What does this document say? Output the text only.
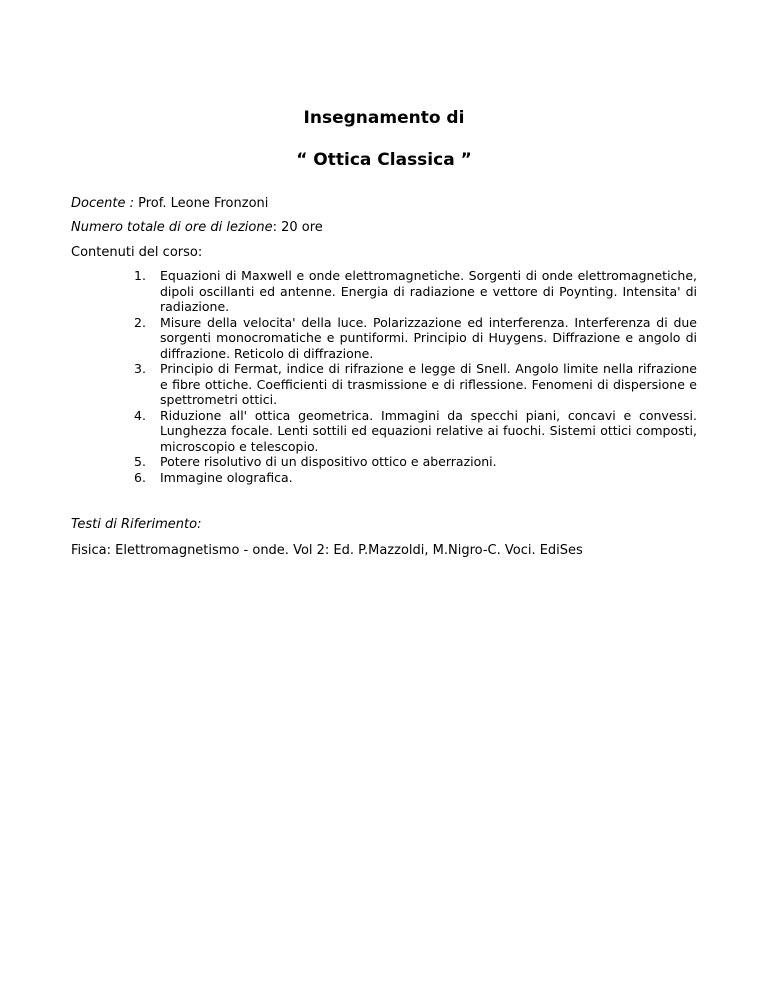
Insegnamento di
“ Ottica Classica ”
Docente : Prof. Leone Fronzoni
Numero totale di ore di lezione: 20 ore
Contenuti del corso:
1.	Equazioni di Maxwell e onde elettromagnetiche. Sorgenti di onde elettromagnetiche, dipoli oscillanti ed antenne. Energia di radiazione e vettore di Poynting. Intensita' di radiazione.
2.	Misure della velocita' della luce. Polarizzazione ed interferenza. Interferenza di due sorgenti monocromatiche e puntiformi. Principio di Huygens. Diffrazione e angolo di diffrazione. Reticolo di diffrazione.
3.	Principio di Fermat, indice di rifrazione e legge di Snell. Angolo limite nella rifrazione e fibre ottiche. Coefficienti di trasmissione e di riflessione. Fenomeni di dispersione e spettrometri ottici.
4.	Riduzione all' ottica geometrica. Immagini da specchi piani, concavi e convessi. Lunghezza focale. Lenti sottili ed equazioni relative ai fuochi. Sistemi ottici composti, microscopio e telescopio.
5.	Potere risolutivo di un dispositivo ottico e aberrazioni.
6.	Immagine olografica.
Testi di Riferimento:
Fisica: Elettromagnetismo - onde. Vol 2: Ed. P.Mazzoldi, M.Nigro-C. Voci. EdiSes
